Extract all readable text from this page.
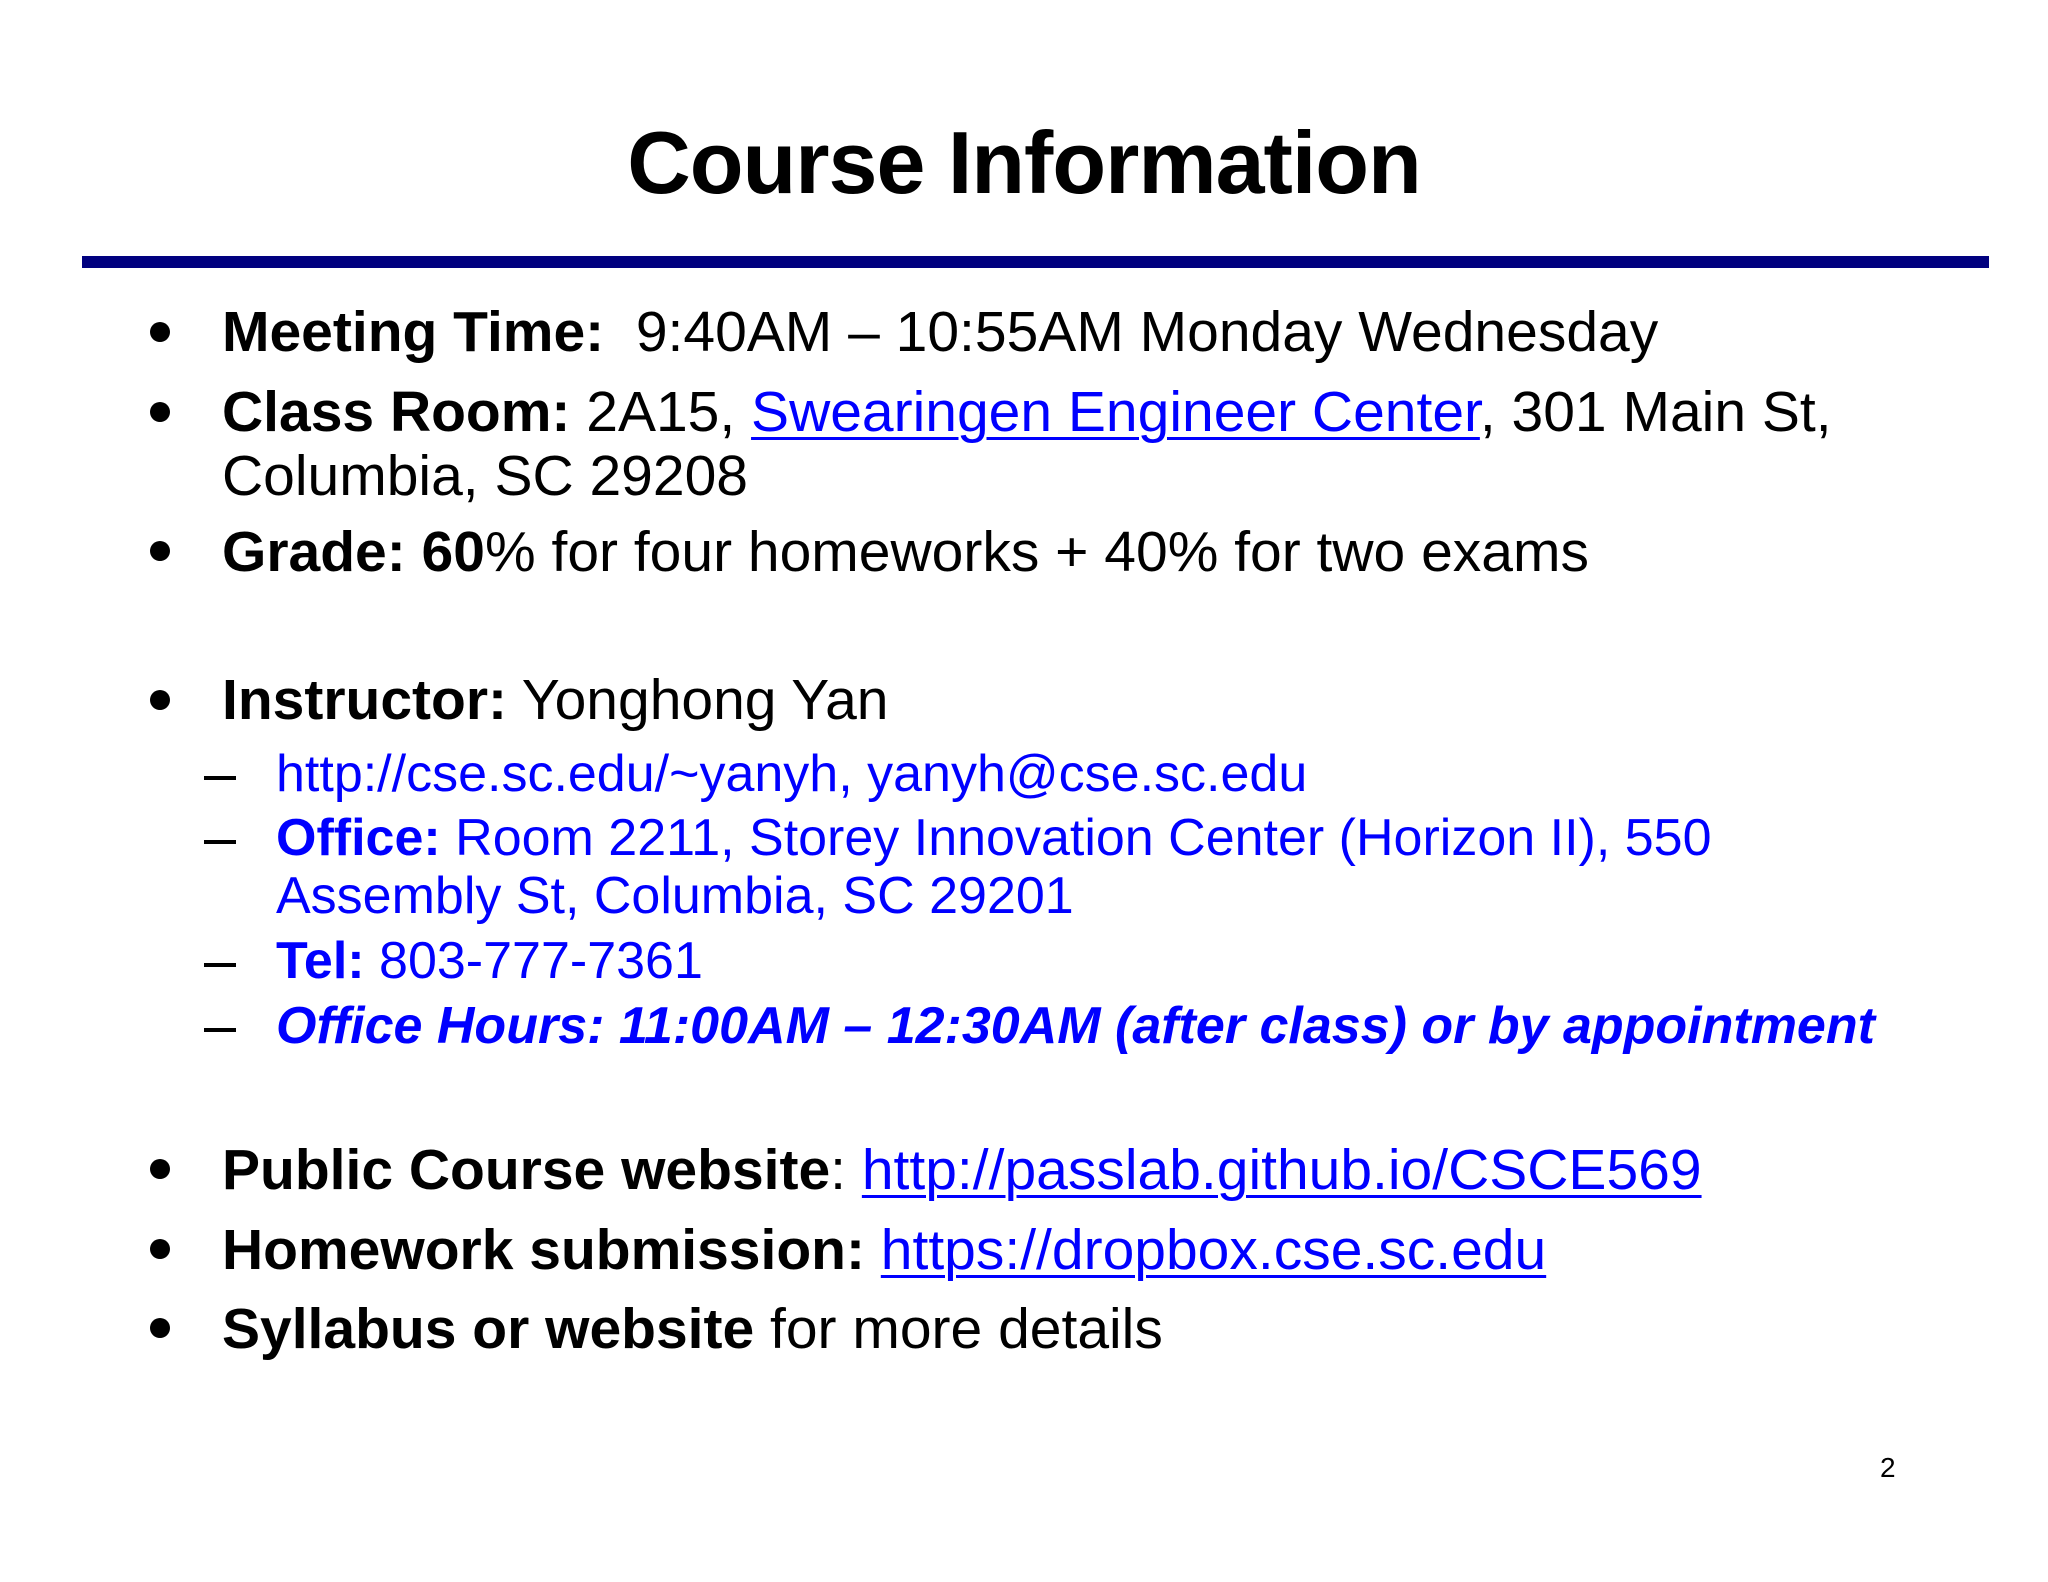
Course Information
Meeting Time:  9:40AM – 10:55AM Monday Wednesday
Class Room: 2A15, Swearingen Engineer Center, 301 Main St,
Columbia, SC 29208
Grade: 60% for four homeworks + 40% for two exams
Instructor: Yonghong Yan
http://cse.sc.edu/~yanyh, yanyh@cse.sc.edu
Office: Room 2211, Storey Innovation Center (Horizon II), 550
Assembly St, Columbia, SC 29201
Tel: 803-777-7361
Office Hours: 11:00AM – 12:30AM (after class) or by appointment
Public Course website: http://passlab.github.io/CSCE569
Homework submission: https://dropbox.cse.sc.edu
Syllabus or website for more details
2
